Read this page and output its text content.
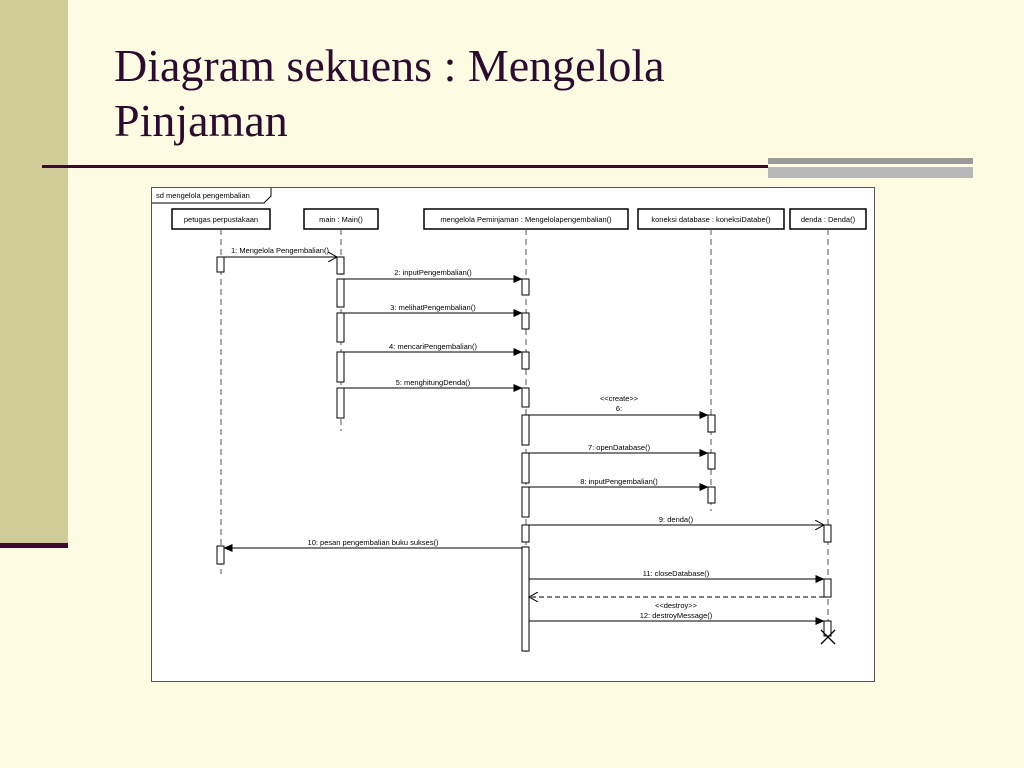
Diagram sekuens : Mengelola
Pinjaman
sd mengelola pengembalian
petugas perpustakaan	main : Main()	mengelola Peminjaman : Mengelolapengembalian()	koneksi database : koneksiDatabe()	denda : Denda()
1: Mengelola Pengembalian()
2: inputPengembalian()
3: melihatPengembalian()
4: mencariPengembalian()
5: menghitungDenda()
<<create>>
6:
7: openDatabase()
8: inputPengembalian()
9: denda()
10: pesan pengembalian buku sukses()
11: closeDatabase()
<<destroy>>
12: destroyMessage()
